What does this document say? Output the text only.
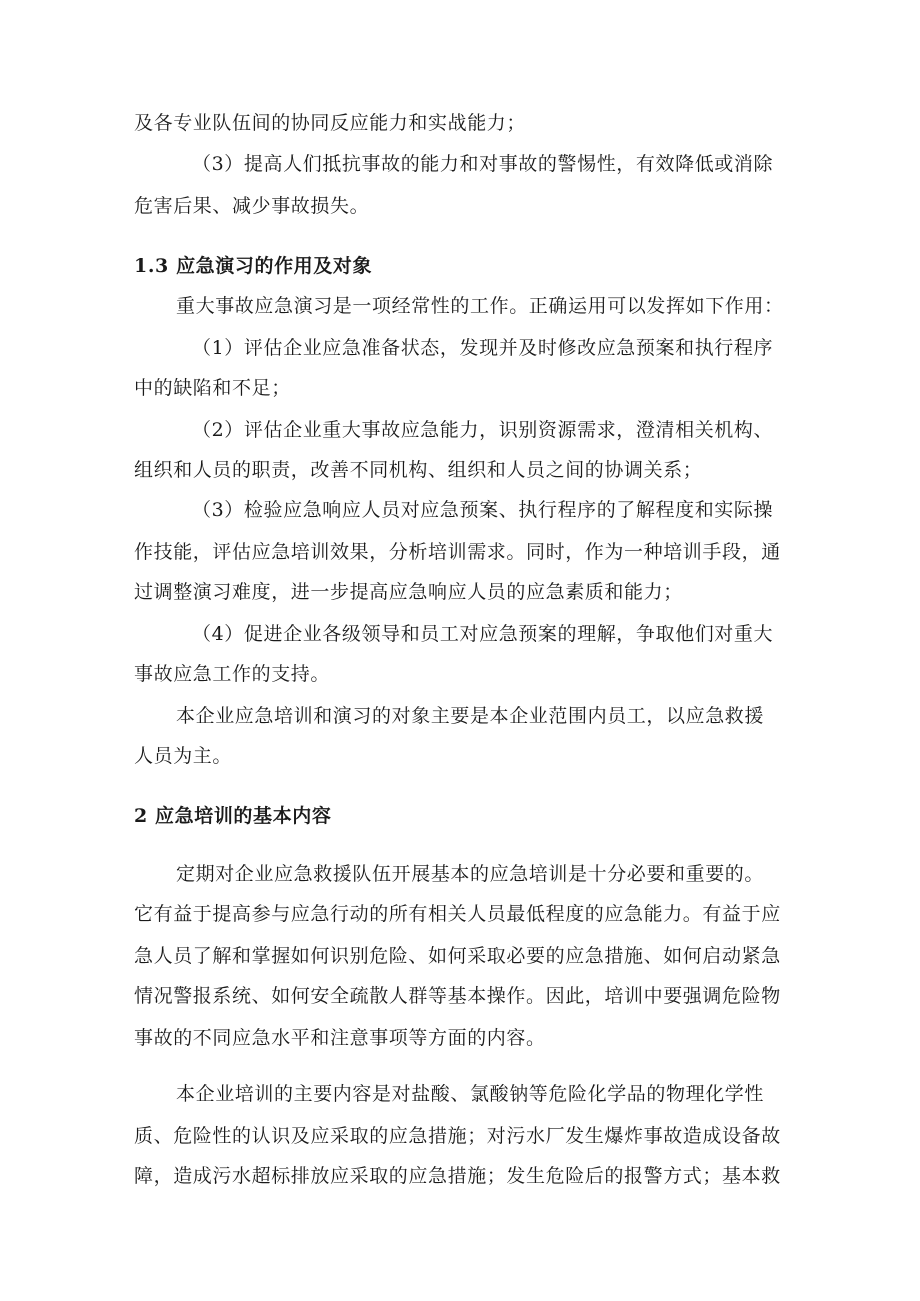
及各专业队伍间的协同反应能力和实战能力；
（3）提高人们抵抗事故的能力和对事故的警惕性，有效降低或消除
危害后果、减少事故损失。
1.3 应急演习的作用及对象
重大事故应急演习是一项经常性的工作。正确运用可以发挥如下作用：
（1）评估企业应急准备状态，发现并及时修改应急预案和执行程序
中的缺陷和不足；
（2）评估企业重大事故应急能力，识别资源需求，澄清相关机构、
组织和人员的职责，改善不同机构、组织和人员之间的协调关系；
（3）检验应急响应人员对应急预案、执行程序的了解程度和实际操
作技能，评估应急培训效果，分析培训需求。同时，作为一种培训手段，通
过调整演习难度，进一步提高应急响应人员的应急素质和能力；
（4）促进企业各级领导和员工对应急预案的理解，争取他们对重大
事故应急工作的支持。
本企业应急培训和演习的对象主要是本企业范围内员工，以应急救援
人员为主。
2 应急培训的基本内容
定期对企业应急救援队伍开展基本的应急培训是十分必要和重要的。
它有益于提高参与应急行动的所有相关人员最低程度的应急能力。有益于应
急人员了解和掌握如何识别危险、如何采取必要的应急措施、如何启动紧急
情况警报系统、如何安全疏散人群等基本操作。因此，培训中要强调危险物
事故的不同应急水平和注意事项等方面的内容。
本企业培训的主要内容是对盐酸、氯酸钠等危险化学品的物理化学性
质、危险性的认识及应采取的应急措施；对污水厂发生爆炸事故造成设备故
障，造成污水超标排放应采取的应急措施；发生危险后的报警方式；基本救
